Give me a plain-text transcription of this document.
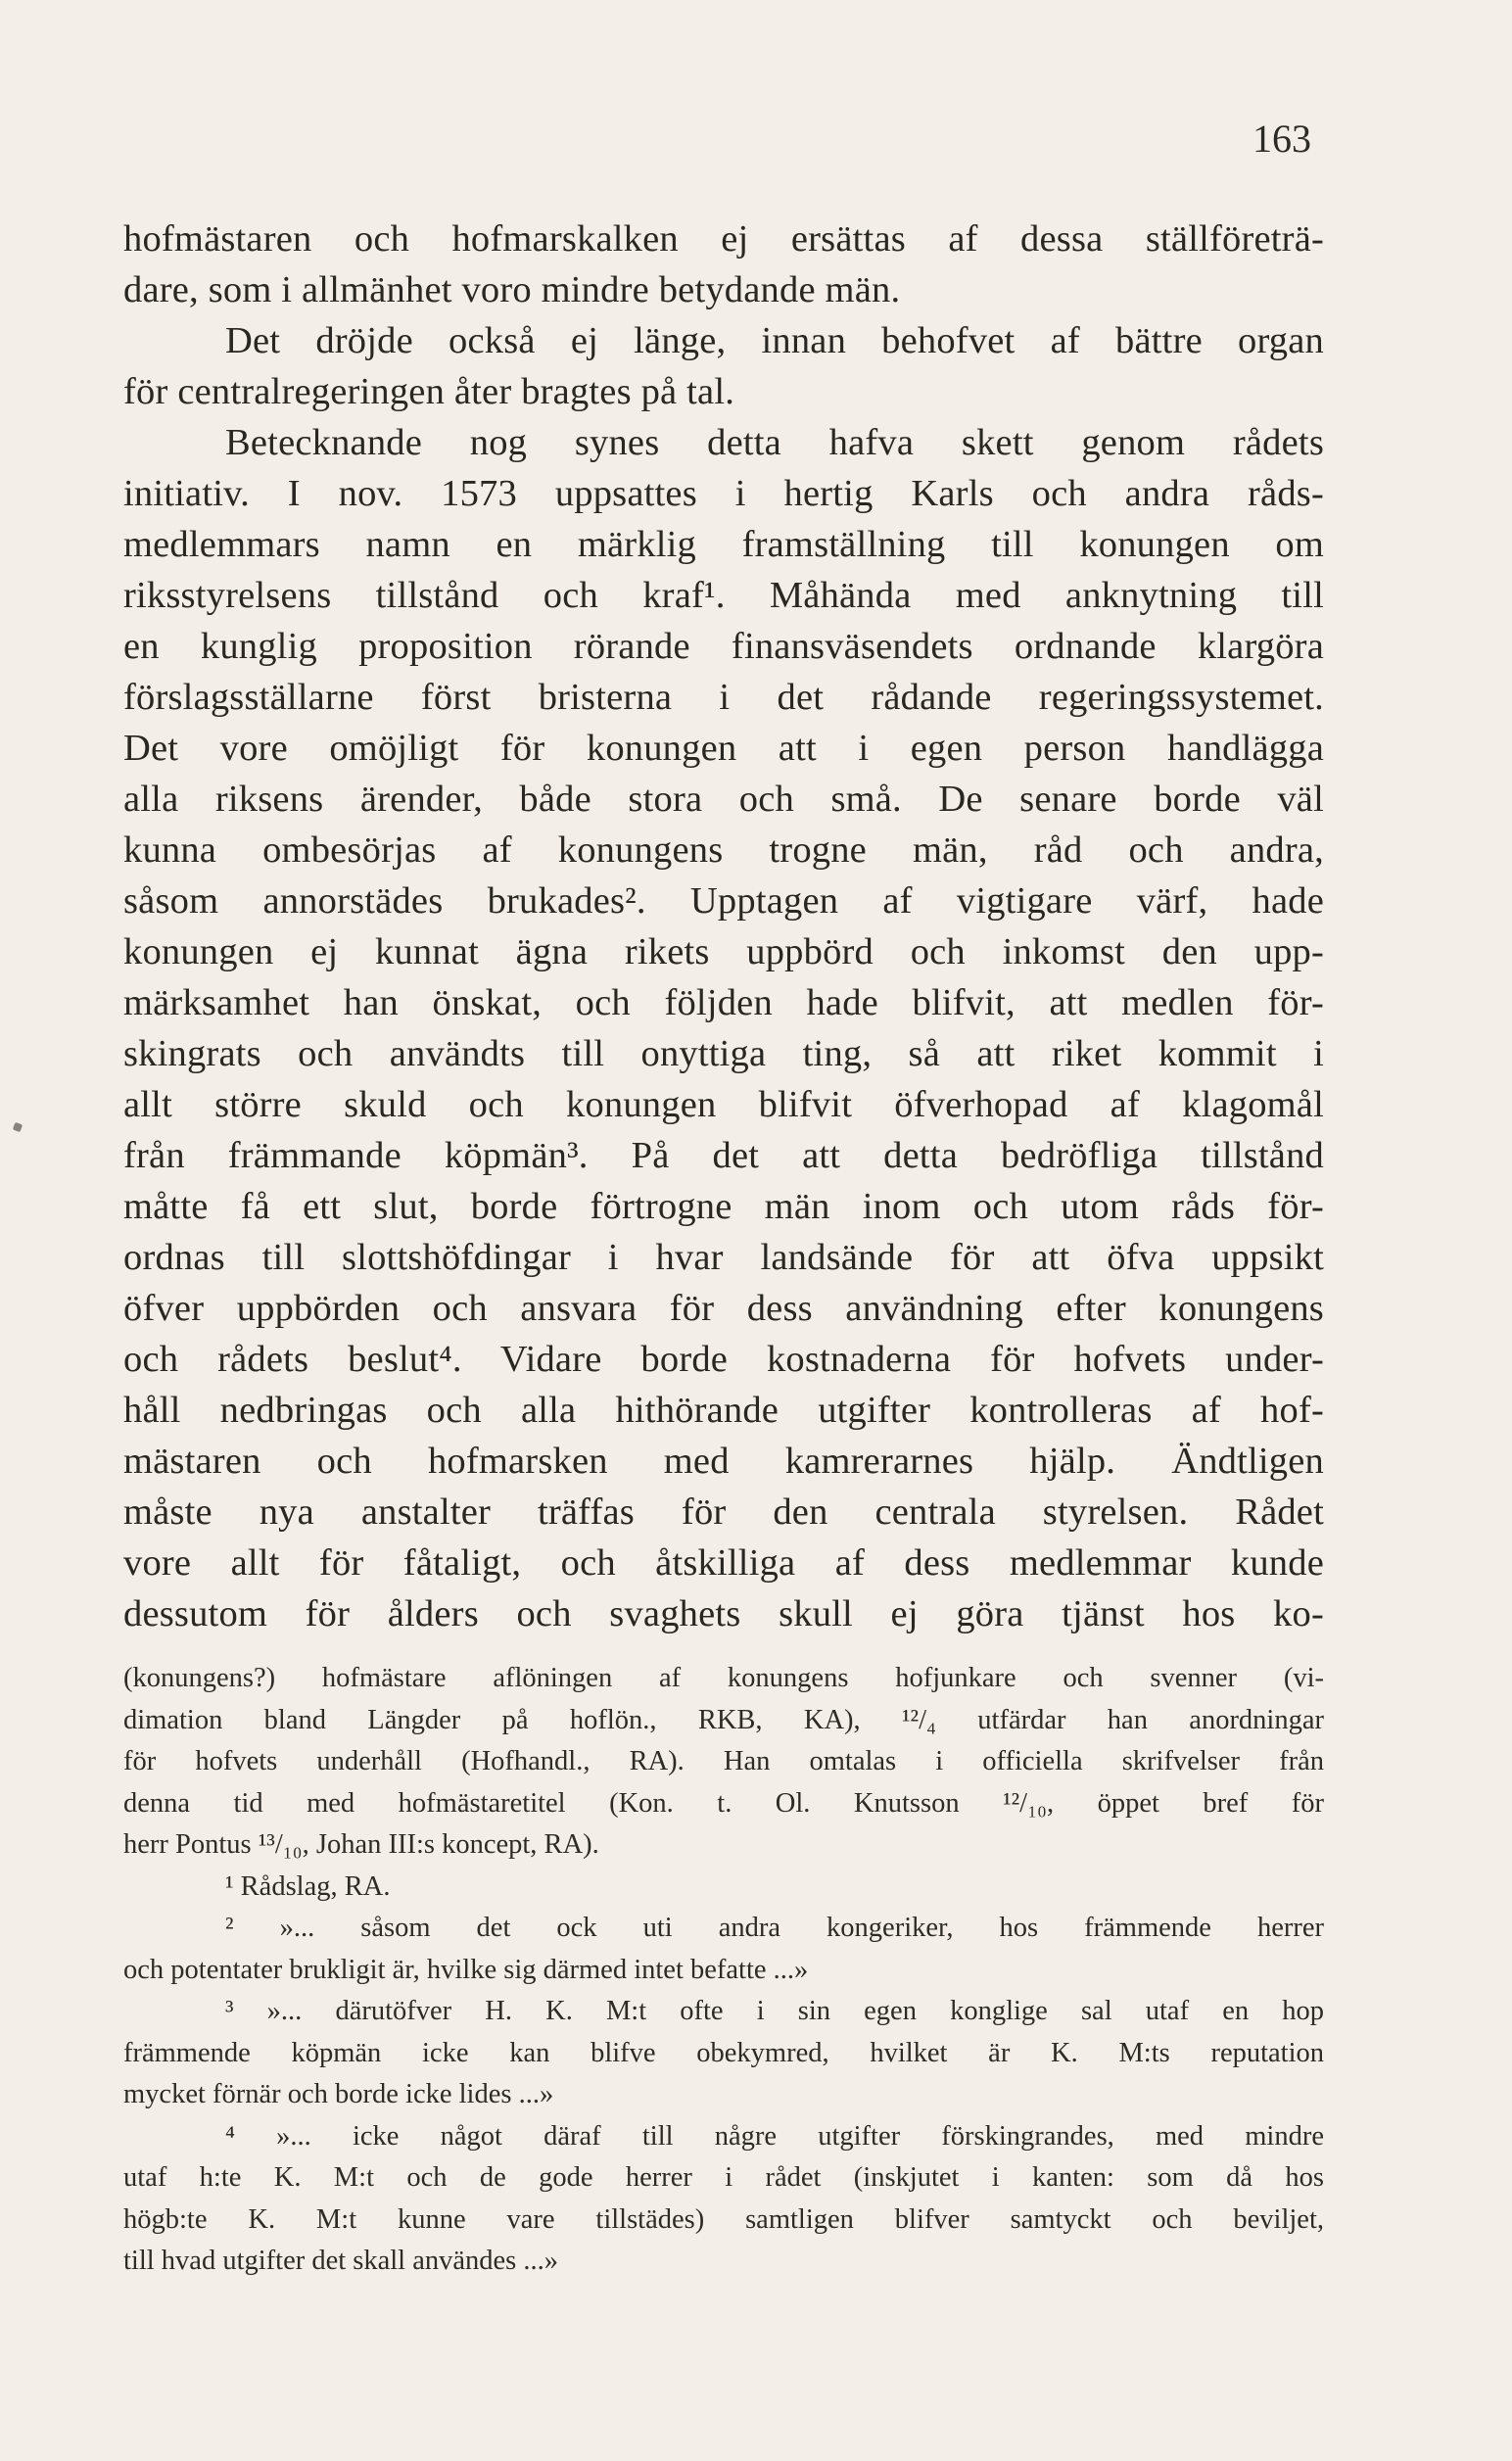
163
hofmästaren och hofmarskalken ej ersättas af dessa ställföreträ-
dare, som i allmänhet voro mindre betydande män.
Det dröjde också ej länge, innan behofvet af bättre organ
för centralregeringen åter bragtes på tal.
Betecknande nog synes detta hafva skett genom rådets
initiativ. I nov. 1573 uppsattes i hertig Karls och andra råds-
medlemmars namn en märklig framställning till konungen om
riksstyrelsens tillstånd och kraf¹. Måhända med anknytning till
en kunglig proposition rörande finansväsendets ordnande klargöra
förslagsställarne först bristerna i det rådande regeringssystemet.
Det vore omöjligt för konungen att i egen person handlägga
alla riksens ärender, både stora och små. De senare borde väl
kunna ombesörjas af konungens trogne män, råd och andra,
såsom annorstädes brukades². Upptagen af vigtigare värf, hade
konungen ej kunnat ägna rikets uppbörd och inkomst den upp-
märksamhet han önskat, och följden hade blifvit, att medlen för-
skingrats och användts till onyttiga ting, så att riket kommit i
allt större skuld och konungen blifvit öfverhopad af klagomål
från främmande köpmän³. På det att detta bedröfliga tillstånd
måtte få ett slut, borde förtrogne män inom och utom råds för-
ordnas till slottshöfdingar i hvar landsände för att öfva uppsikt
öfver uppbörden och ansvara för dess användning efter konungens
och rådets beslut⁴. Vidare borde kostnaderna för hofvets under-
håll nedbringas och alla hithörande utgifter kontrolleras af hof-
mästaren och hofmarsken med kamrerarnes hjälp. Ändtligen
måste nya anstalter träffas för den centrala styrelsen. Rådet
vore allt för fåtaligt, och åtskilliga af dess medlemmar kunde
dessutom för ålders och svaghets skull ej göra tjänst hos ko-
(konungens?) hofmästare aflöningen af konungens hofjunkare och svenner (vi-
dimation bland Längder på hoflön., RKB, KA), ¹²/₄ utfärdar han anordningar
för hofvets underhåll (Hofhandl., RA). Han omtalas i officiella skrifvelser från
denna tid med hofmästaretitel (Kon. t. Ol. Knutsson ¹²/₁₀, öppet bref för
herr Pontus ¹³/₁₀, Johan III:s koncept, RA).
¹ Rådslag, RA.
² »... såsom det ock uti andra kongeriker, hos främmende herrer
och potentater brukligit är, hvilke sig därmed intet befatte ...»
³ »... därutöfver H. K. M:t ofte i sin egen konglige sal utaf en hop
främmende köpmän icke kan blifve obekymred, hvilket är K. M:ts reputation
mycket förnär och borde icke lides ...»
⁴ »... icke något däraf till någre utgifter förskingrandes, med mindre
utaf h:te K. M:t och de gode herrer i rådet (inskjutet i kanten: som då hos
högb:te K. M:t kunne vare tillstädes) samtligen blifver samtyckt och beviljet,
till hvad utgifter det skall användes ...»
